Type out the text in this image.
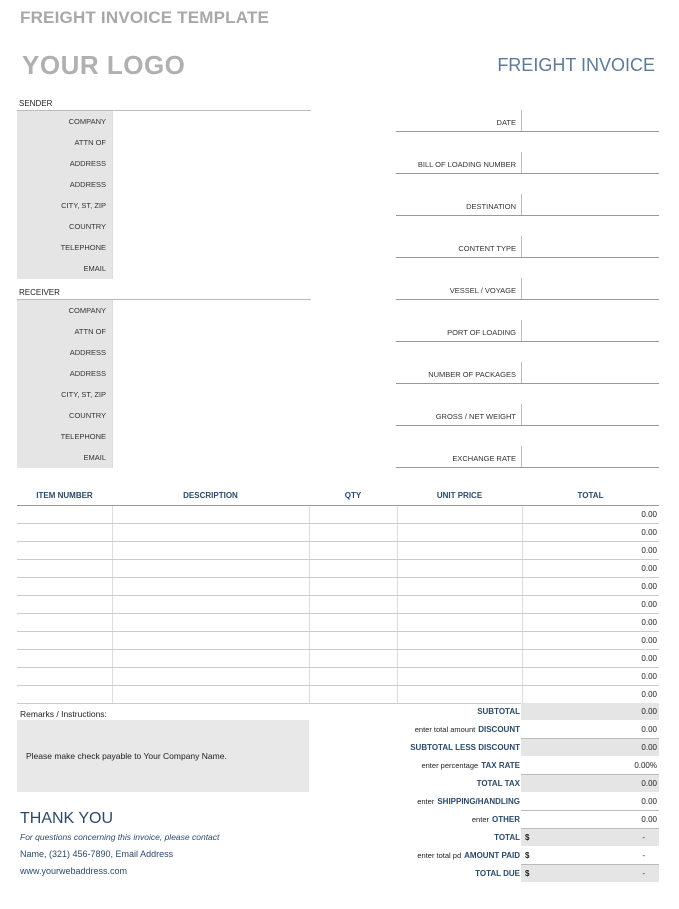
FREIGHT INVOICE TEMPLATE
YOUR LOGO	FREIGHT INVOICE
SENDER
COMPANY
ATTN OF
ADDRESS
ADDRESS
CITY, ST, ZIP
COUNTRY
TELEPHONE
EMAIL
RECEIVER
COMPANY
ATTN OF
ADDRESS
ADDRESS
CITY, ST, ZIP
COUNTRY
TELEPHONE
EMAIL
DATE
BILL OF LOADING NUMBER
DESTINATION
CONTENT TYPE
VESSEL / VOYAGE
PORT OF LOADING
NUMBER OF PACKAGES
GROSS / NET WEIGHT
EXCHANGE RATE
ITEM NUMBER	DESCRIPTION	QTY	UNIT PRICE	TOTAL
				0.00
				0.00
				0.00
				0.00
				0.00
				0.00
				0.00
				0.00
				0.00
				0.00
				0.00
Remarks / Instructions:
Please make check payable to Your Company Name.
SUBTOTAL	0.00
enter total amount DISCOUNT	0.00
SUBTOTAL LESS DISCOUNT	0.00
enter percentage TAX RATE	0.00%
TOTAL TAX	0.00
enter SHIPPING/HANDLING	0.00
enter OTHER	0.00
TOTAL $	-
enter total pd AMOUNT PAID $	-
TOTAL DUE $	-
THANK YOU
For questions concerning this invoice, please contact
Name, (321) 456-7890, Email Address
www.yourwebaddress.com
